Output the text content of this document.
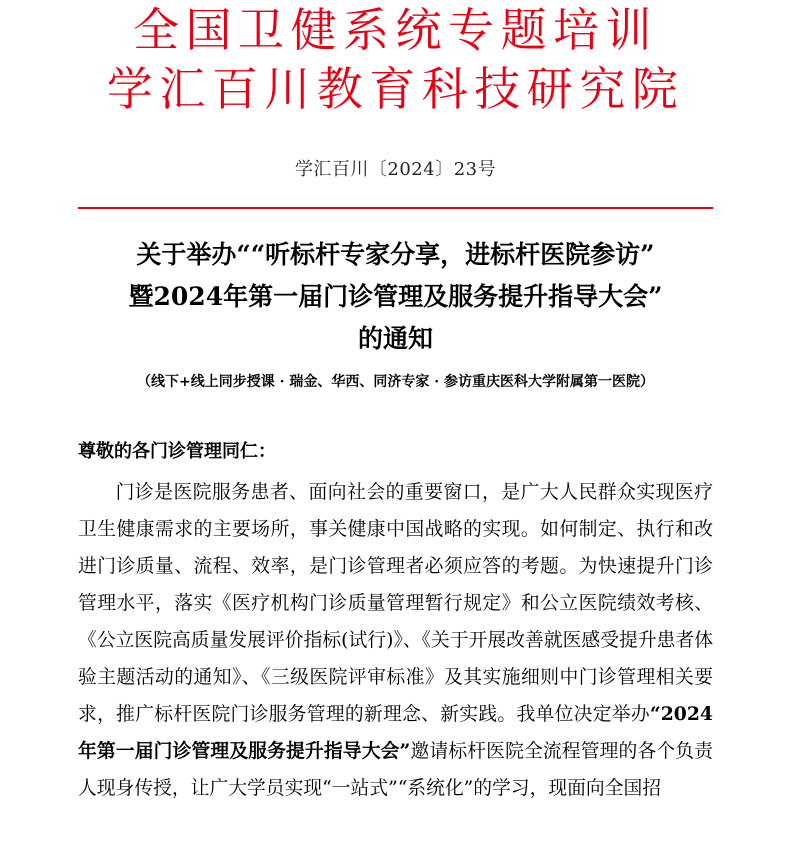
全国卫健系统专题培训
学汇百川教育科技研究院
学汇百川〔2024〕23号
关于举办““听标杆专家分享，进标杆医院参访”
暨2024年第一届门诊管理及服务提升指导大会”
的通知
（线下+线上同步授课 · 瑞金、华西、同济专家 · 参访重庆医科大学附属第一医院）
尊敬的各门诊管理同仁：
门诊是医院服务患者、面向社会的重要窗口，是广大人民群众实现医疗卫生健康需求的主要场所，事关健康中国战略的实现。如何制定、执行和改进门诊质量、流程、效率，是门诊管理者必须应答的考题。为快速提升门诊管理水平，落实《医疗机构门诊质量管理暂行规定》和公立医院绩效考核、《公立医院高质量发展评价指标(试行)》、《关于开展改善就医感受提升患者体验主题活动的通知》、《三级医院评审标准》及其实施细则中门诊管理相关要求，推广标杆医院门诊服务管理的新理念、新实践。我单位决定举办“2024年第一届门诊管理及服务提升指导大会”邀请标杆医院全流程管理的各个负责人现身传授，让广大学员实现“一站式”“系统化”的学习，现面向全国招
